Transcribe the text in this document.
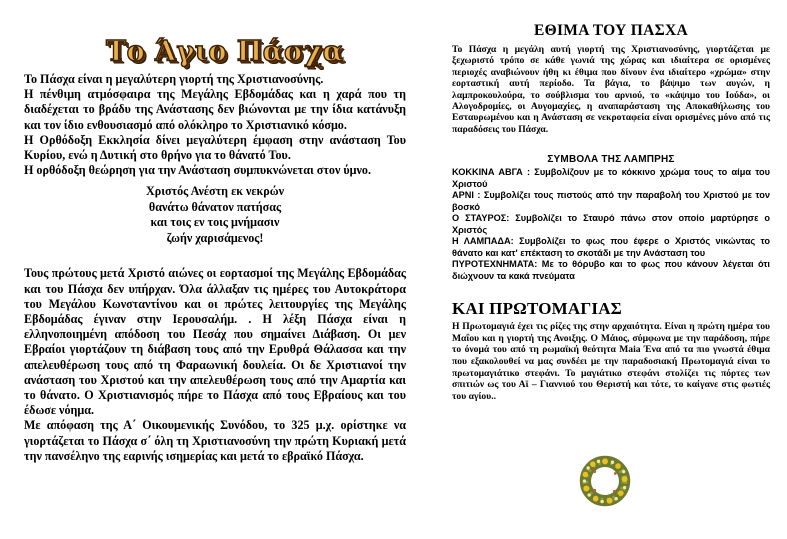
Το Άγιο Πάσχα

Το Πάσχα είναι η μεγαλύτερη γιορτή της Χριστιανοσύνης.

Η πένθιμη ατμόσφαιρα της Μεγάλης Εβδομάδας και η χαρά που τη διαδέχεται το βράδυ της Ανάστασης δεν βιώνονται με την ίδια κατάνυξη και τον ίδιο ενθουσιασμό από ολόκληρο το Χριστιανικό κόσμο.

Η Ορθόδοξη Εκκλησία δίνει μεγαλύτερη έμφαση στην ανάσταση Του Κυρίου, ενώ η Δυτική στο θρήνο για το θάνατό Του.

Η ορθόδοξη θεώρηση για την Ανάσταση συμπυκνώνεται στον ύμνο.

Χριστός Ανέστη εκ νεκρών
θανάτω θάνατον πατήσας
και τοις εν τοις μνήμασιν
ζωήν χαρισάμενος!

Τους πρώτους μετά Χριστό αιώνες οι εορτασμοί της Μεγάλης Εβδομάδας και του Πάσχα δεν υπήρχαν. Όλα άλλαξαν τις ημέρες του Αυτοκράτορα του Μεγάλου Κωνσταντίνου και οι πρώτες λειτουργίες της Μεγάλης Εβδομάδας έγιναν στην Ιερουσαλήμ. . Η λέξη Πάσχα είναι η ελληνοποιημένη απόδοση του Πεσάχ που σημαίνει Διάβαση. Οι μεν Εβραίοι γιορτάζουν τη διάβαση τους από την Ερυθρά Θάλασσα και την απελευθέρωση τους από τη Φαραωνική δουλεία. Οι δε Χριστιανοί την ανάσταση του Χριστού και την απελευθέρωση τους από την Αμαρτία και το θάνατο. Ο Χριστιανισμός πήρε το Πάσχα από τους Εβραίους και του έδωσε νόημα.

Με απόφαση της Α΄ Οικουμενικής Συνόδου, το 325 μ.χ. ορίστηκε να γιορτάζεται το Πάσχα σ΄ όλη τη Χριστιανοσύνη την πρώτη Κυριακή μετά την πανσέληνο της εαρινής ισημερίας και μετά το εβραϊκό Πάσχα.

ΕΘΙΜΑ ΤΟΥ ΠΑΣΧΑ

Το Πάσχα η μεγάλη αυτή γιορτή της Χριστιανοσύνης, γιορτάζεται με ξεχωριστό τρόπο σε κάθε γωνιά της χώρας και ιδιαίτερα σε ορισμένες περιοχές αναβιώνουν ήθη κι έθιμα που δίνουν ένα ιδιαίτερο «χρώμα» στην εορταστική αυτή περίοδο. Τα βάγια, το βάψιμο των αυγών, η λαμπροκουλούρα, το σούβλισμα του αρνιού, το «κάψιμο του Ιούδα», οι Αλογοδρομίες, οι Αυγομαχίες, η αναπαράσταση της Αποκαθήλωσης του Εσταυρωμένου και η Ανάσταση σε νεκροταφεία είναι ορισμένες μόνο από τις παραδόσεις του Πάσχα.

ΣΥΜΒΟΛΑ ΤΗΣ ΛΑΜΠΡΗΣ

ΚΟΚΚΙΝΑ ΑΒΓΑ : Συμβολίζουν με το κόκκινο χρώμα τους το αίμα του Χριστού

ΑΡΝΙ : Συμβολίζει τους πιστούς από την παραβολή του Χριστού με τον βοσκό

Ο ΣΤΑΥΡΟΣ: Συμβολίζει το Σταυρό πάνω στον οποίο μαρτύρησε ο Χριστός

Η ΛΑΜΠΑΔΑ: Συμβολίζει το φως που έφερε ο Χριστός νικώντας το θάνατο και κατ' επέκταση το σκοτάδι με την Ανάσταση του

ΠΥΡΟΤΕΧΝΗΜΑΤΑ: Με το θόρυβο και το φως που κάνουν λέγεται ότι διώχνουν τα κακά πνεύματα

ΚΑΙ ΠΡΩΤΟΜΑΓΙΑΣ

Η Πρωτομαγιά έχει τις ρίζες της στην αρχαιότητα. Είναι η πρώτη ημέρα του Μαΐου και η γιορτή της Ανοιξης. Ο Μάιος, σύμφωνα με την παράδοση, πήρε το όνομά του από τη ρωμαϊκή θεότητα Maia Ένα από τα πιο γνωστά έθιμα που εξακολουθεί να μας συνδέει με την παραδοσιακή Πρωτομαγιά είναι το πρωτομαγιάτικο στεφάνι. Το μαγιάτικο στεφάνι στολίζει τις πόρτες των σπιτιών ως του Αϊ – Γιαννιού του Θεριστή και τότε, το καίγανε στις φωτιές του αγίου..
